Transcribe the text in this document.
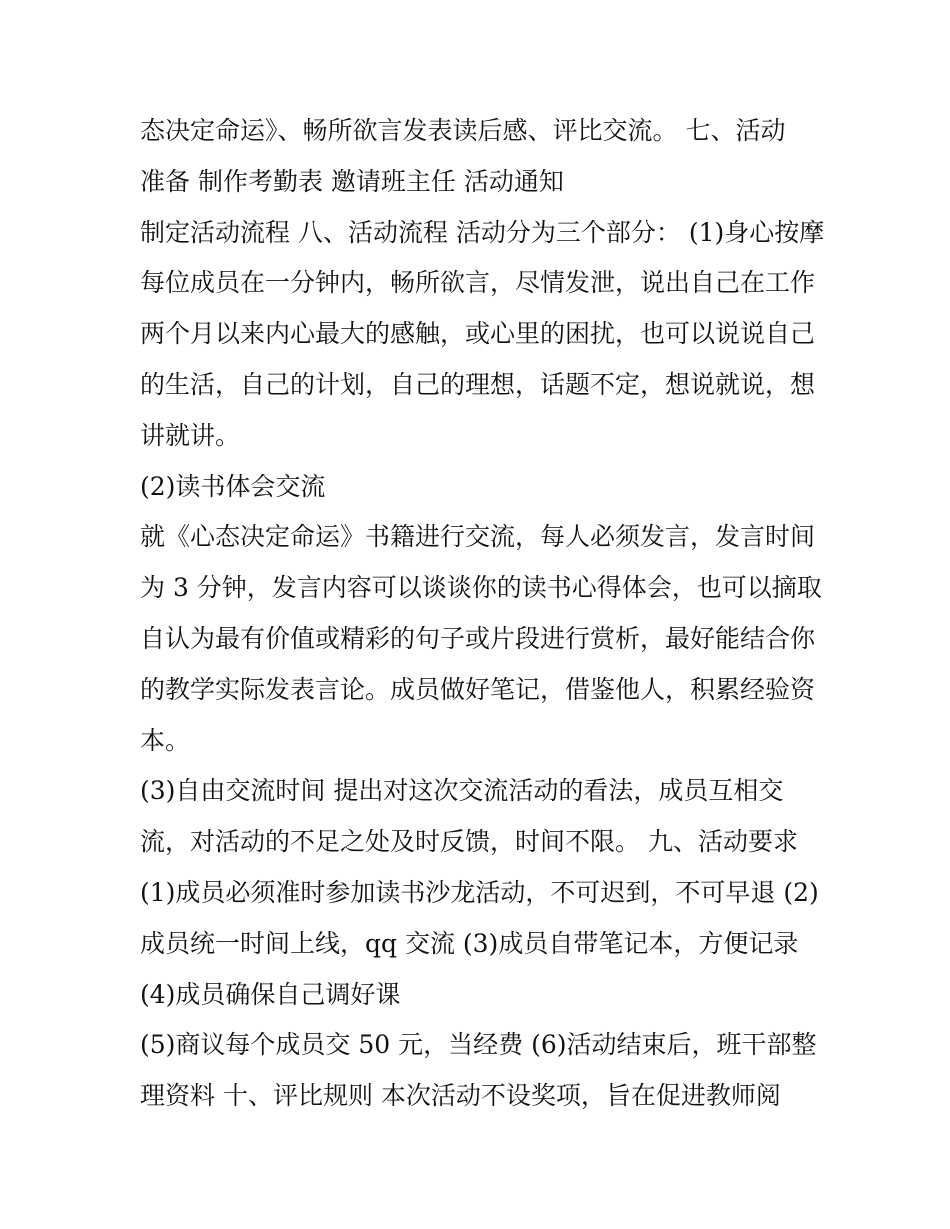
态决定命运》、畅所欲言发表读后感、评比交流。 七、活动
准备 制作考勤表 邀请班主任 活动通知
制定活动流程 八、活动流程 活动分为三个部分： (1)身心按摩
每位成员在一分钟内，畅所欲言，尽情发泄，说出自己在工作
两个月以来内心最大的感触，或心里的困扰，也可以说说自己
的生活，自己的计划，自己的理想，话题不定，想说就说，想
讲就讲。
(2)读书体会交流
就《心态决定命运》书籍进行交流，每人必须发言，发言时间
为 3 分钟，发言内容可以谈谈你的读书心得体会，也可以摘取
自认为最有价值或精彩的句子或片段进行赏析，最好能结合你
的教学实际发表言论。成员做好笔记，借鉴他人，积累经验资
本。
(3)自由交流时间 提出对这次交流活动的看法，成员互相交
流，对活动的不足之处及时反馈，时间不限。 九、活动要求
(1)成员必须准时参加读书沙龙活动，不可迟到，不可早退 (2)
成员统一时间上线，qq 交流 (3)成员自带笔记本，方便记录
(4)成员确保自己调好课
(5)商议每个成员交 50 元，当经费 (6)活动结束后，班干部整
理资料 十、评比规则 本次活动不设奖项，旨在促进教师阅
